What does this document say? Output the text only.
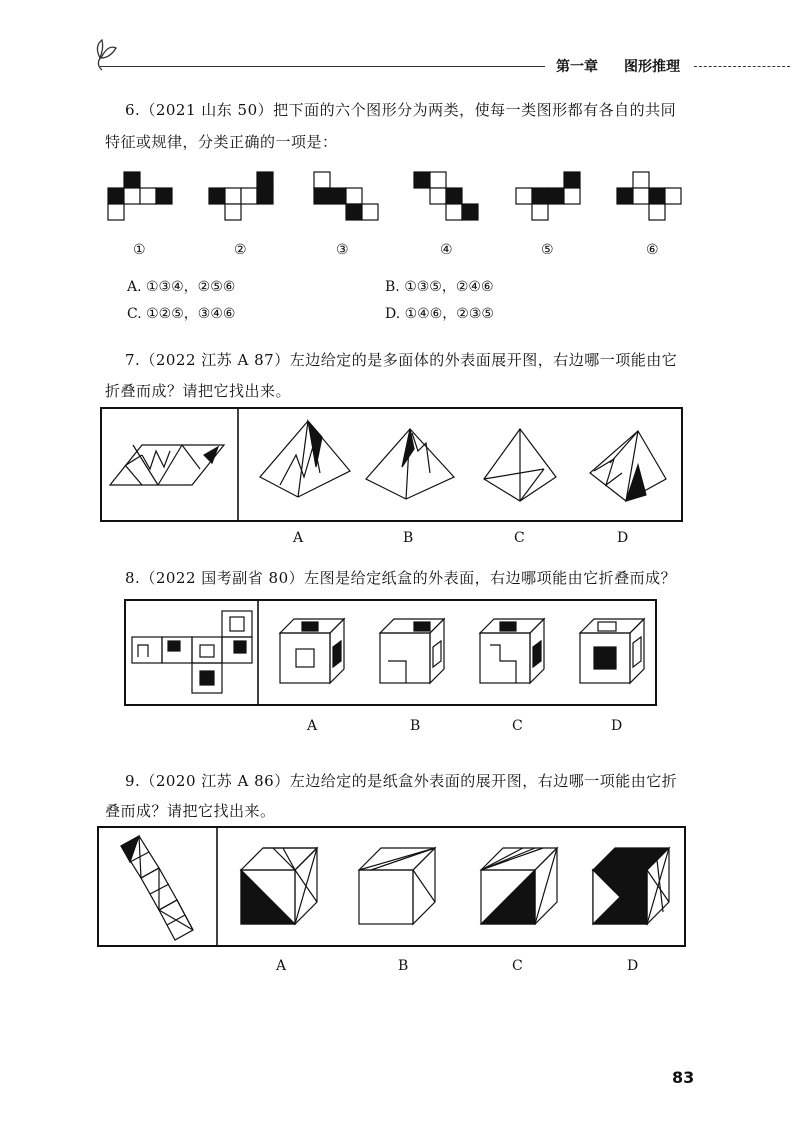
第一章 图形推理
6.（2021 山东 50）把下面的六个图形分为两类，使每一类图形都有各自的共同
特征或规律，分类正确的一项是：
①	②	③	④	⑤	⑥
A. ①③④，②⑤⑥	B. ①③⑤，②④⑥
C. ①②⑤，③④⑥	D. ①④⑥，②③⑤
7.（2022 江苏 A 87）左边给定的是多面体的外表面展开图，右边哪一项能由它
折叠而成？请把它找出来。
A	B	C	D
8.（2022 国考副省 80）左图是给定纸盒的外表面，右边哪项能由它折叠而成？
A	B	C	D
9.（2020 江苏 A 86）左边给定的是纸盒外表面的展开图，右边哪一项能由它折
叠而成？请把它找出来。
A	B	C	D
83
